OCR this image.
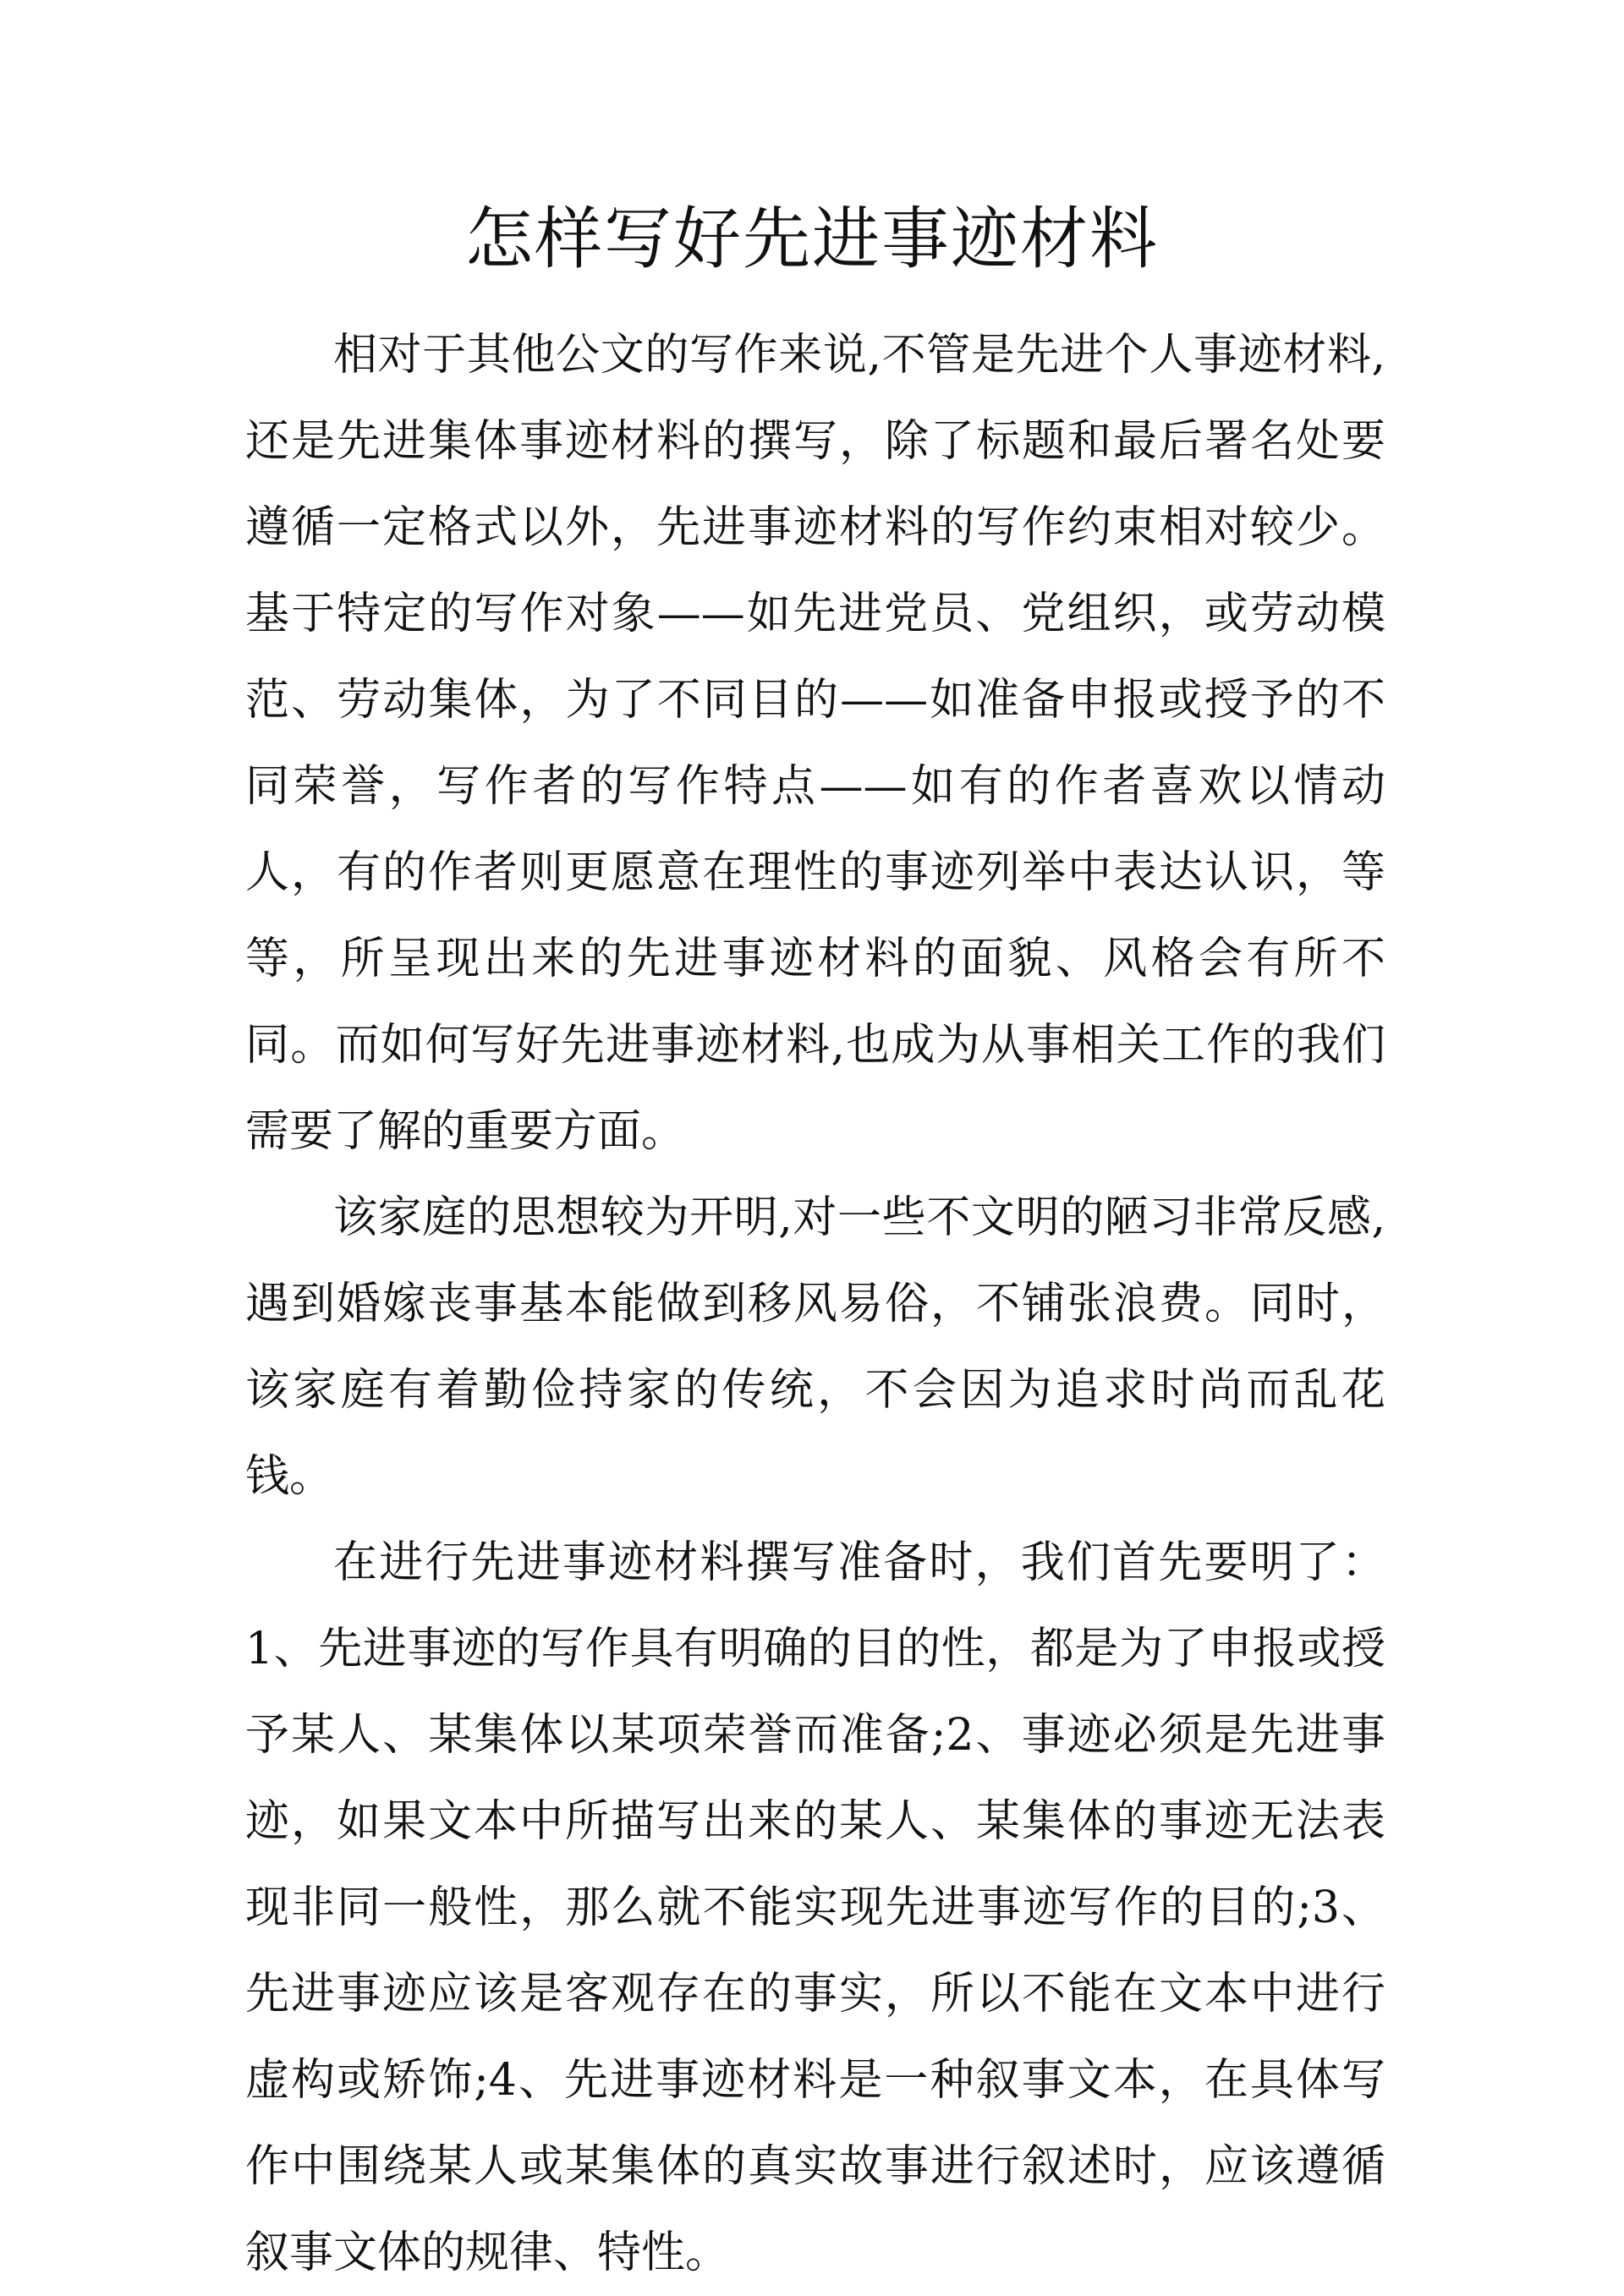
怎样写好先进事迹材料

相对于其他公文的写作来说,不管是先进个人事迹材料,还是先进集体事迹材料的撰写，除了标题和最后署名处要遵循一定格式以外，先进事迹材料的写作约束相对较少。基于特定的写作对象——如先进党员、党组织，或劳动模范、劳动集体，为了不同目的——如准备申报或授予的不同荣誉，写作者的写作特点——如有的作者喜欢以情动人，有的作者则更愿意在理性的事迹列举中表达认识，等等，所呈现出来的先进事迹材料的面貌、风格会有所不同。而如何写好先进事迹材料,也成为从事相关工作的我们需要了解的重要方面。

该家庭的思想较为开明,对一些不文明的陋习非常反感,遇到婚嫁丧事基本能做到移风易俗，不铺张浪费。同时，该家庭有着勤俭持家的传统，不会因为追求时尚而乱花钱。

在进行先进事迹材料撰写准备时，我们首先要明了：1、先进事迹的写作具有明确的目的性，都是为了申报或授予某人、某集体以某项荣誉而准备;2、事迹必须是先进事迹，如果文本中所描写出来的某人、某集体的事迹无法表现非同一般性，那么就不能实现先进事迹写作的目的;3、先进事迹应该是客观存在的事实，所以不能在文本中进行虚构或矫饰;4、先进事迹材料是一种叙事文本，在具体写作中围绕某人或某集体的真实故事进行叙述时，应该遵循叙事文体的规律、特性。
